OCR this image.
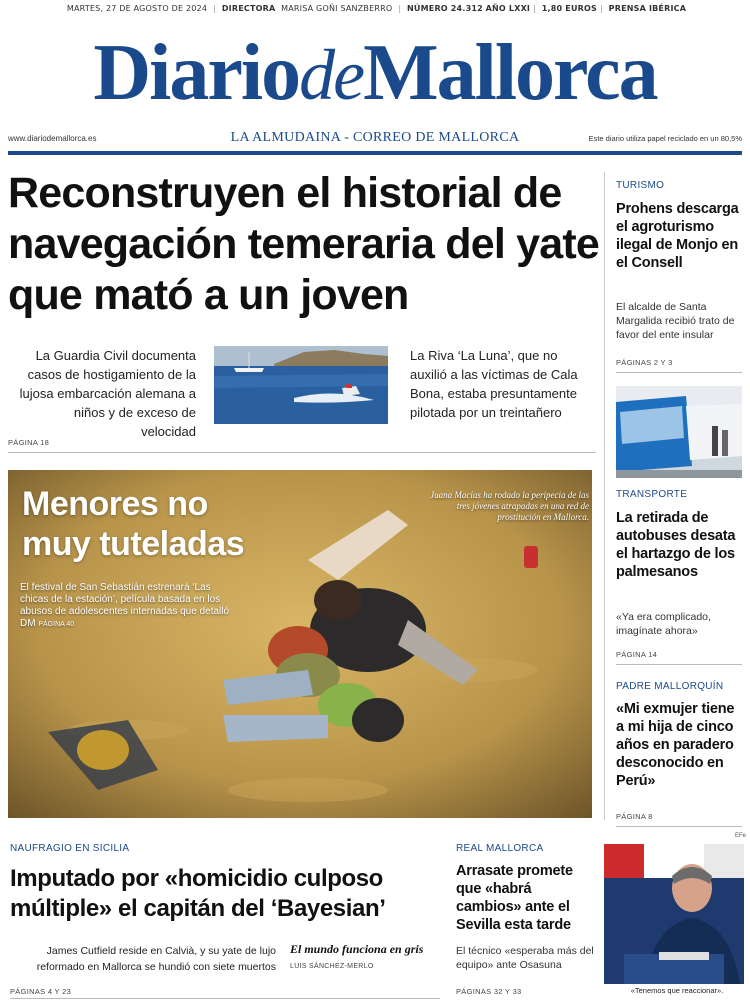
MARTES, 27 DE AGOSTO DE 2024 | DIRECTORA MARISA GOÑI SANZBERRO | NÚMERO 24.312 AÑO LXXI | 1,80 EUROS | PRENSA IBÉRICA
DiariodeMallorca
www.diariodemallorca.es	LA ALMUDAINA - CORREO DE MALLORCA	Este diario utiliza papel reciclado en un 80,5%
Reconstruyen el historial de navegación temeraria del yate que mató a un joven
La Guardia Civil documenta casos de hostigamiento de la lujosa embarcación alemana a niños y de exceso de velocidad
La Riva ‘La Luna’, que no auxilió a las víctimas de Cala Bona, estaba presuntamente pilotada por un treintañero
PÁGINA 18
Menores no muy tuteladas
El festival de San Sebastián estrenará ‘Las chicas de la estación’, película basada en los abusos de adolescentes internadas que detalló DM PÁGINA 40
Juana Macías ha rodado la peripecia de las tres jóvenes atrapadas en una red de prostitución en Mallorca.
NAUFRAGIO EN SICILIA
Imputado por «homicidio culposo múltiple» el capitán del ‘Bayesian’
James Cutfield reside en Calvià, y su yate de lujo reformado en Mallorca se hundió con siete muertos
El mundo funciona en gris
LUIS SÁNCHEZ-MERLO
PÁGINAS 4 Y 23
TURISMO
Prohens descarga el agroturismo ilegal de Monjo en el Consell
El alcalde de Santa Margalida recibió trato de favor del ente insular
PÁGINAS 2 Y 3
TRANSPORTE
La retirada de autobuses desata el hartazgo de los palmesanos
«Ya era complicado, imagínate ahora»
PÁGINA 14
PADRE MALLORQUÍN
«Mi exmujer tiene a mi hija de cinco años en paradero desconocido en Perú»
PÁGINA 8
REAL MALLORCA
Arrasate promete que «habrá cambios» ante el Sevilla esta tarde
El técnico «esperaba más del equipo» ante Osasuna
PÁGINAS 32 Y 33
EFe
«Tenemos que reaccionar».
